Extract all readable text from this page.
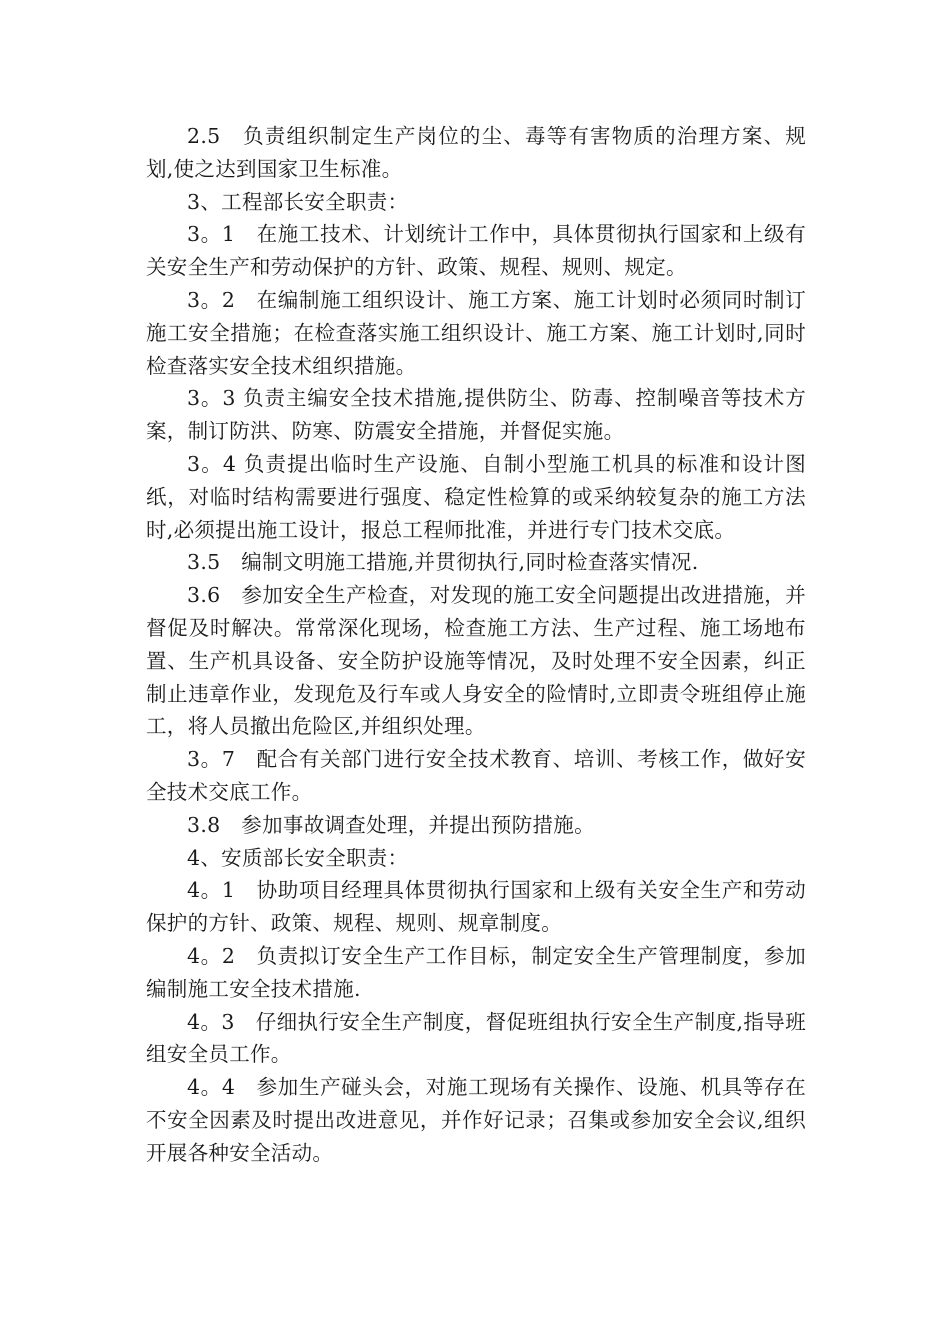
2.5　负责组织制定生产岗位的尘、毒等有害物质的治理方案、规划,使之达到国家卫生标准。

3、工程部长安全职责：

3。1　在施工技术、计划统计工作中，具体贯彻执行国家和上级有关安全生产和劳动保护的方针、政策、规程、规则、规定。

3。2　在编制施工组织设计、施工方案、施工计划时必须同时制订施工安全措施；在检查落实施工组织设计、施工方案、施工计划时,同时检查落实安全技术组织措施。

3。3 负责主编安全技术措施,提供防尘、防毒、控制噪音等技术方案，制订防洪、防寒、防震安全措施，并督促实施。

3。4 负责提出临时生产设施、自制小型施工机具的标准和设计图纸，对临时结构需要进行强度、稳定性检算的或采纳较复杂的施工方法时,必须提出施工设计，报总工程师批准，并进行专门技术交底。

3.5　编制文明施工措施,并贯彻执行,同时检查落实情况.

3.6　参加安全生产检查，对发现的施工安全问题提出改进措施，并督促及时解决。常常深化现场，检查施工方法、生产过程、施工场地布置、生产机具设备、安全防护设施等情况，及时处理不安全因素，纠正制止违章作业，发现危及行车或人身安全的险情时,立即责令班组停止施工，将人员撤出危险区,并组织处理。

3。7　配合有关部门进行安全技术教育、培训、考核工作，做好安全技术交底工作。

3.8　参加事故调查处理，并提出预防措施。

4、安质部长安全职责：

4。1　协助项目经理具体贯彻执行国家和上级有关安全生产和劳动保护的方针、政策、规程、规则、规章制度。

4。2　负责拟订安全生产工作目标，制定安全生产管理制度，参加编制施工安全技术措施.

4。3　仔细执行安全生产制度，督促班组执行安全生产制度,指导班组安全员工作。

4。4　参加生产碰头会，对施工现场有关操作、设施、机具等存在不安全因素及时提出改进意见，并作好记录；召集或参加安全会议,组织开展各种安全活动。
